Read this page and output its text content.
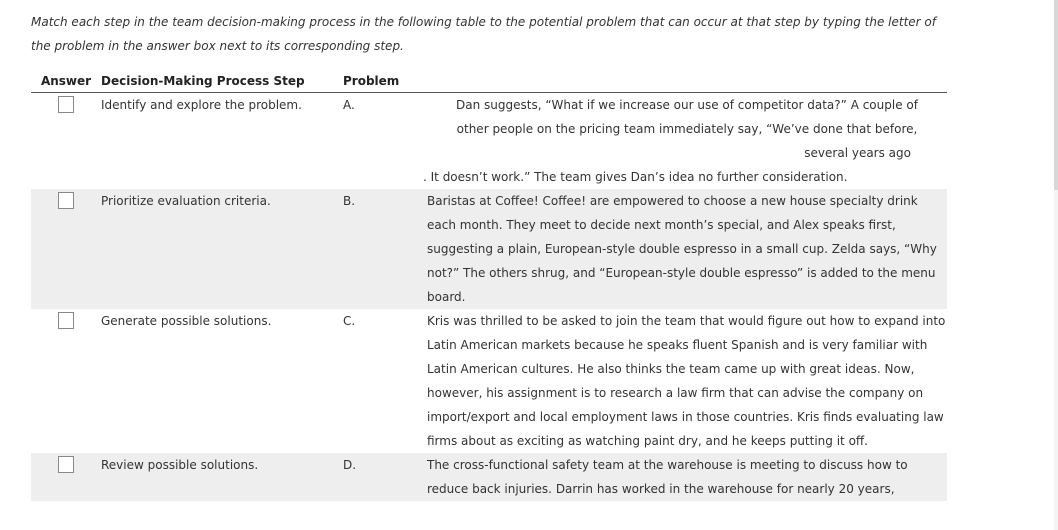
Match each step in the team decision-making process in the following table to the potential problem that can occur at that step by typing the letter of the problem in the answer box next to its corresponding step.
Answer	Decision-Making Process Step	Problem	
	Identify and explore the problem.	A.	Dan suggests, “What if we increase our use of competitor data?” A couple of
other people on the pricing team immediately say, “We’ve done that before,
several years ago
. It doesn’t work.” The team gives Dan’s idea no further consideration.

	Prioritize evaluation criteria.	B.	Baristas at Coffee! Coffee! are empowered to choose a new house specialty drink each month. They meet to decide next month’s special, and Alex speaks first, suggesting a plain, European-style double espresso in a small cup. Zelda says, “Why not?” The others shrug, and “European-style double espresso” is added to the menu board.
	Generate possible solutions.	C.	Kris was thrilled to be asked to join the team that would figure out how to expand into Latin American markets because he speaks fluent Spanish and is very familiar with Latin American cultures. He also thinks the team came up with great ideas. Now, however, his assignment is to research a law firm that can advise the company on import/export and local employment laws in those countries. Kris finds evaluating law firms about as exciting as watching paint dry, and he keeps putting it off.
	Review possible solutions.	D.	The cross-functional safety team at the warehouse is meeting to discuss how to reduce back injuries. Darrin has worked in the warehouse for nearly 20 years,
